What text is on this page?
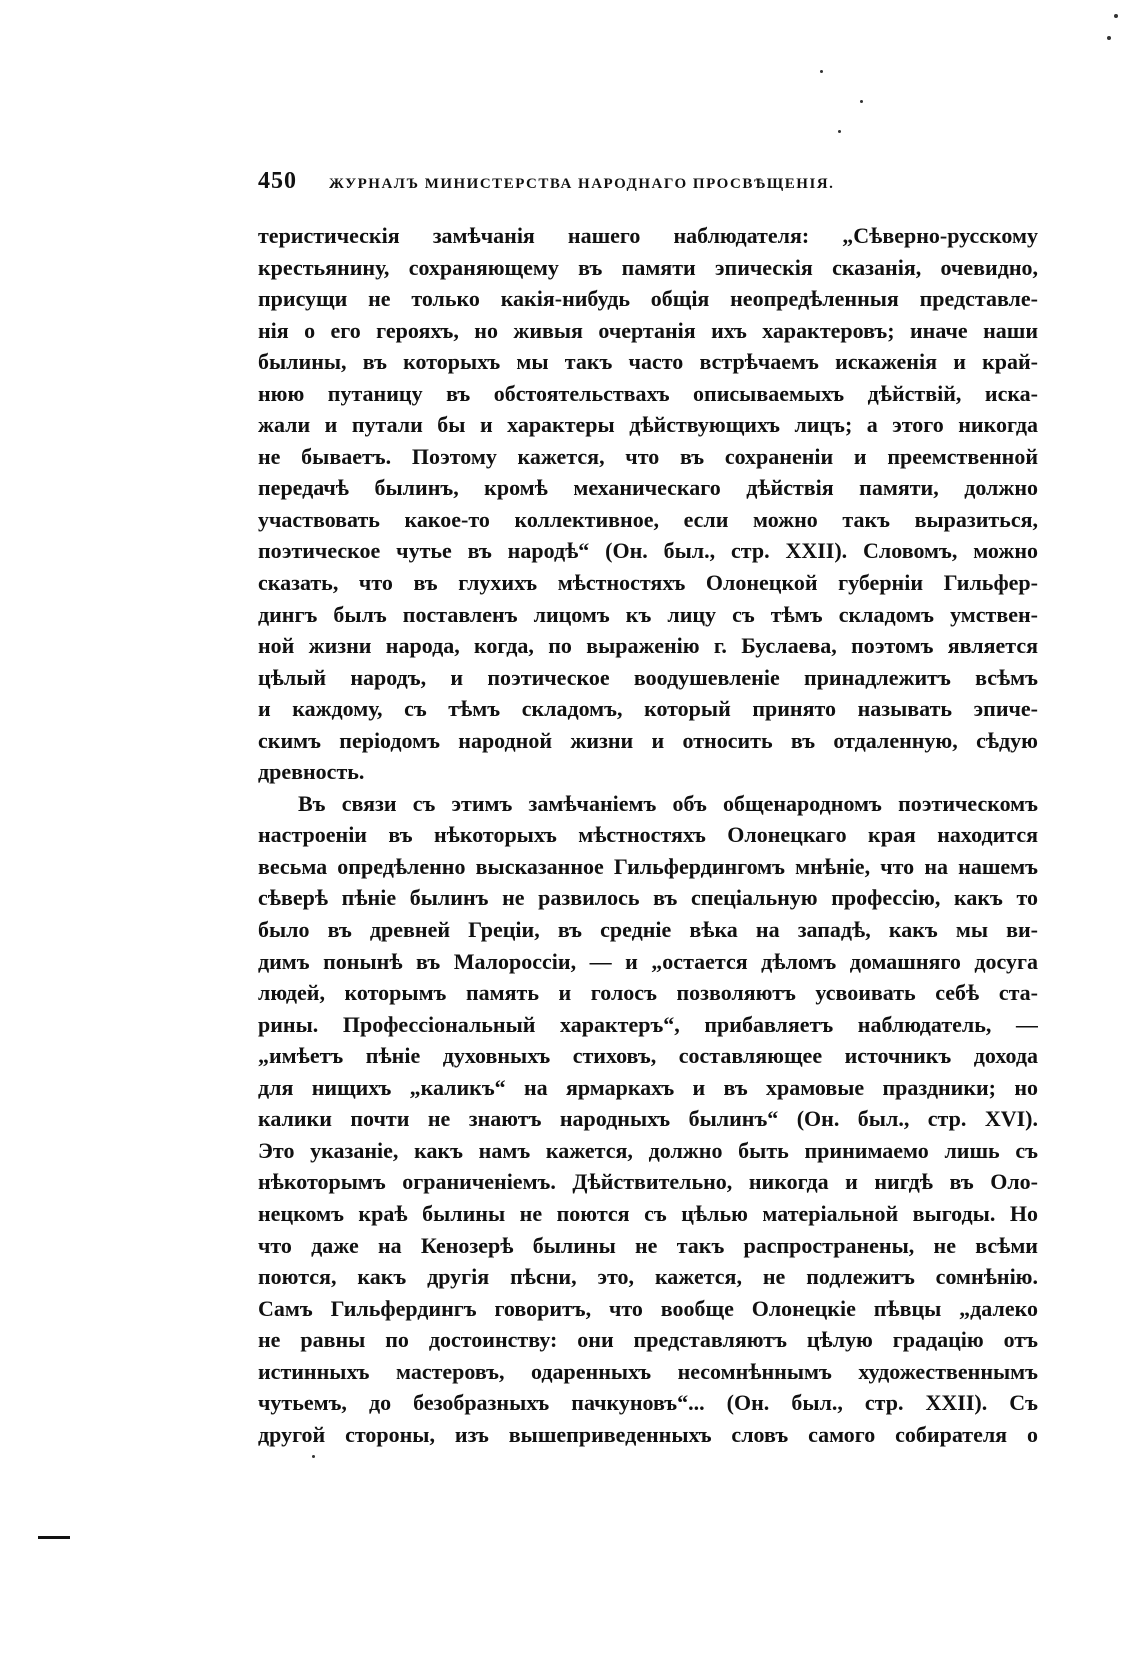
450 ЖУРНАЛЪ МИНИСТЕРСТВА НАРОДНАГО ПРОСВѢЩЕНІЯ.
теристическія замѣчанія нашего наблюдателя: „Сѣверно-русскому
крестьянину, сохраняющему въ памяти эпическія сказанія, очевидно,
присущи не только какія-нибудь общія неопредѣленныя представле-
нія о его герояхъ, но живыя очертанія ихъ характеровъ; иначе наши
былины, въ которыхъ мы такъ часто встрѣчаемъ искаженія и край-
нюю путаницу въ обстоятельствахъ описываемыхъ дѣйствій, иска-
жали и путали бы и характеры дѣйствующихъ лицъ; а этого никогда
не бываетъ. Поэтому кажется, что въ сохраненіи и преемственной
передачѣ былинъ, кромѣ механическаго дѣйствія памяти, должно
участвовать какое-то коллективное, если можно такъ выразиться,
поэтическое чутье въ народѣ“ (Он. был., стр. XXII). Словомъ, можно
сказать, что въ глухихъ мѣстностяхъ Олонецкой губерніи Гильфер-
дингъ былъ поставленъ лицомъ къ лицу съ тѣмъ складомъ умствен-
ной жизни народа, когда, по выраженію г. Буслаева, поэтомъ является
цѣлый народъ, и поэтическое воодушевленіе принадлежитъ всѣмъ
и каждому, съ тѣмъ складомъ, который принято называть эпиче-
скимъ періодомъ народной жизни и относить въ отдаленную, сѣдую
древность.
Въ связи съ этимъ замѣчаніемъ объ общенародномъ поэтическомъ
настроеніи въ нѣкоторыхъ мѣстностяхъ Олонецкаго края находится
весьма опредѣленно высказанное Гильфердингомъ мнѣніе, что на нашемъ
сѣверѣ пѣніе былинъ не развилось въ спеціальную профессію, какъ то
было въ древней Греціи, въ средніе вѣка на западѣ, какъ мы ви-
димъ понынѣ въ Малороссіи, — и „остается дѣломъ домашняго досуга
людей, которымъ память и голосъ позволяютъ усвоивать себѣ ста-
рины. Профессіональный характеръ“, прибавляетъ наблюдатель, —
„имѣетъ пѣніе духовныхъ стиховъ, составляющее источникъ дохода
для нищихъ „каликъ“ на ярмаркахъ и въ храмовые праздники; но
калики почти не знаютъ народныхъ былинъ“ (Он. был., стр. XVI).
Это указаніе, какъ намъ кажется, должно быть принимаемо лишь съ
нѣкоторымъ ограниченіемъ. Дѣйствительно, никогда и нигдѣ въ Оло-
нецкомъ краѣ былины не поются съ цѣлью матеріальной выгоды. Но
что даже на Кенозерѣ былины не такъ распространены, не всѣми
поются, какъ другія пѣсни, это, кажется, не подлежитъ сомнѣнію.
Самъ Гильфердингъ говоритъ, что вообще Олонецкіе пѣвцы „далеко
не равны по достоинству: они представляютъ цѣлую градацію отъ
истинныхъ мастеровъ, одаренныхъ несомнѣннымъ художественнымъ
чутьемъ, до безобразныхъ пачкуновъ“... (Он. был., стр. XXII). Съ
другой стороны, изъ вышеприведенныхъ словъ самого собирателя о
